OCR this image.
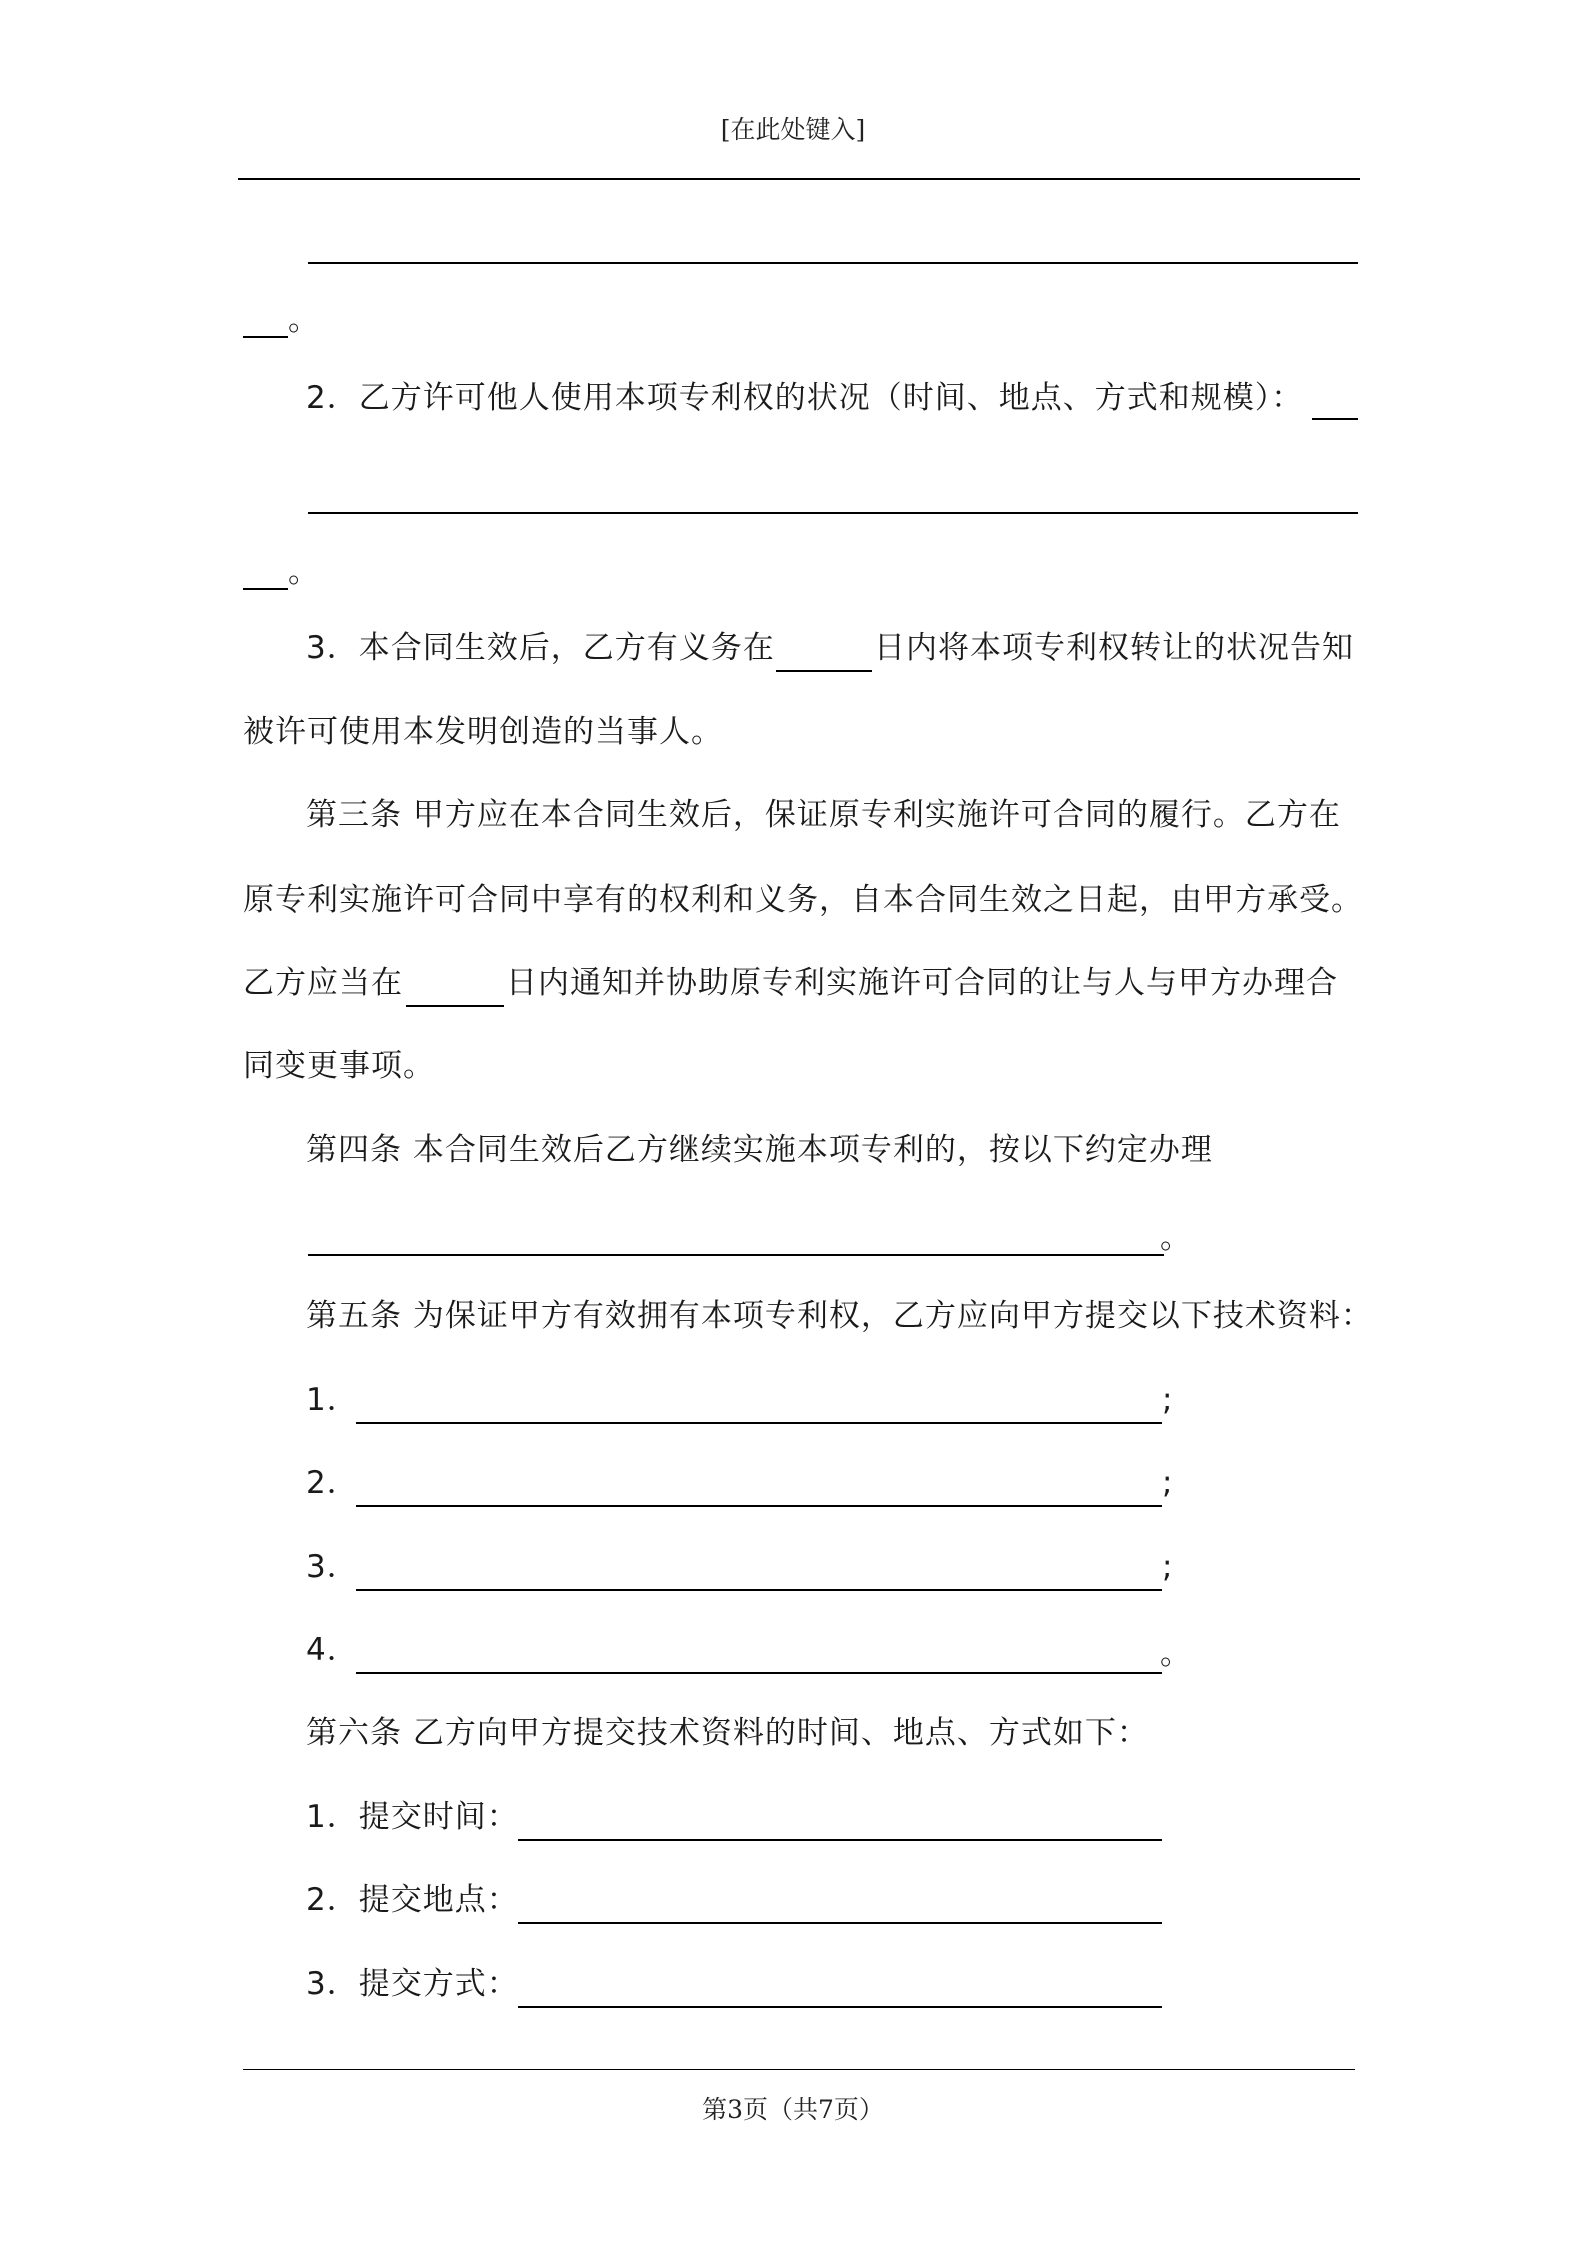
[在此处键入]
。
2．乙方许可他人使用本项专利权的状况（时间、地点、方式和规模）：
。
3．本合同生效后，乙方有义务在	日内将本项专利权转让的状况告知
被许可使用本发明创造的当事人。
第三条 甲方应在本合同生效后，保证原专利实施许可合同的履行。乙方在
原专利实施许可合同中享有的权利和义务，自本合同生效之日起，由甲方承受。
乙方应当在	日内通知并协助原专利实施许可合同的让与人与甲方办理合
同变更事项。
第四条 本合同生效后乙方继续实施本项专利的，按以下约定办理
。
第五条 为保证甲方有效拥有本项专利权，乙方应向甲方提交以下技术资料：
1．	;
2．	;
3．	;
4．	。
第六条 乙方向甲方提交技术资料的时间、地点、方式如下：
1．提交时间：
2．提交地点：
3．提交方式：
第3页（共7页）
